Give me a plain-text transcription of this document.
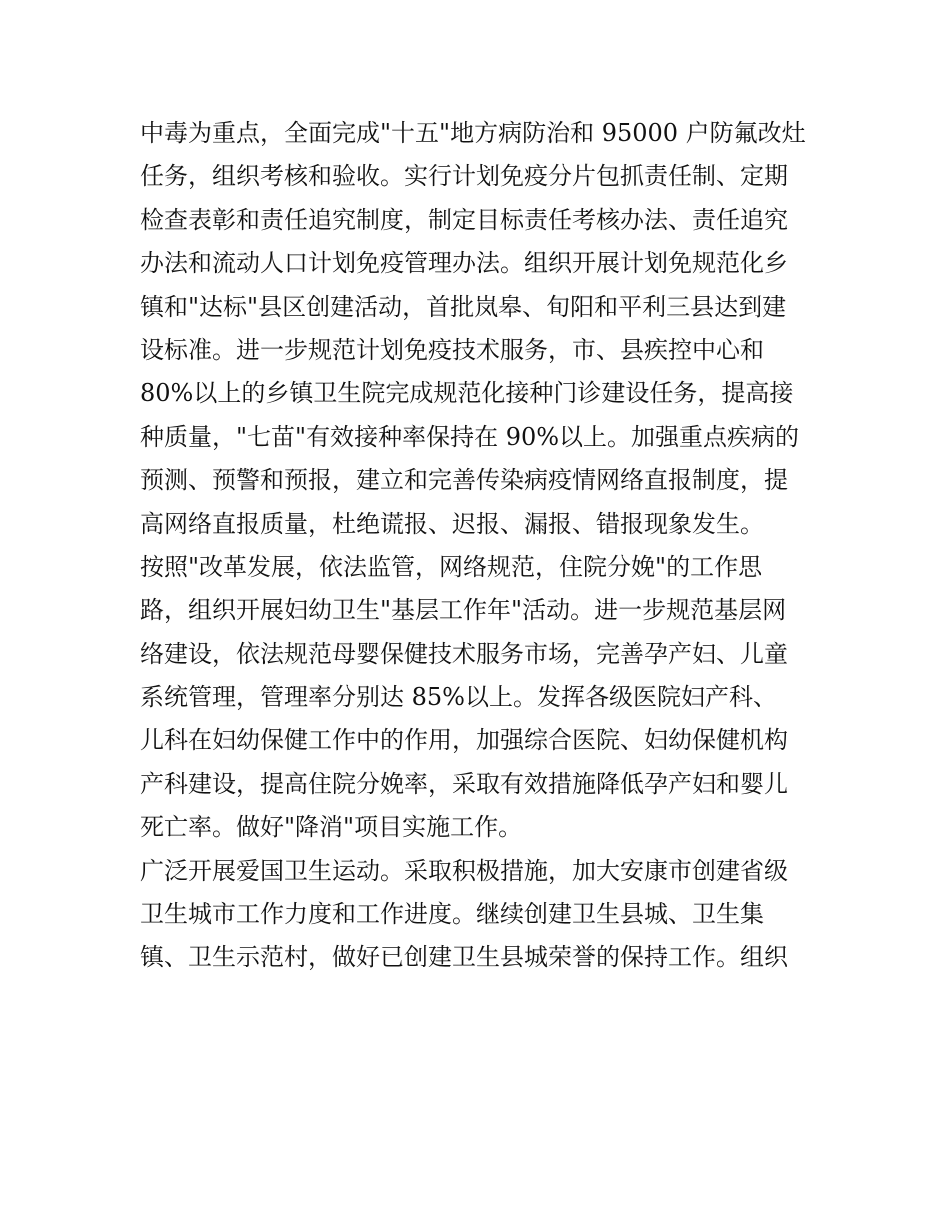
中毒为重点，全面完成"十五"地方病防治和 95000 户防氟改灶
任务，组织考核和验收。实行计划免疫分片包抓责任制、定期
检查表彰和责任追究制度，制定目标责任考核办法、责任追究
办法和流动人口计划免疫管理办法。组织开展计划免规范化乡
镇和"达标"县区创建活动，首批岚皋、旬阳和平利三县达到建
设标准。进一步规范计划免疫技术服务，市、县疾控中心和
80%以上的乡镇卫生院完成规范化接种门诊建设任务，提高接
种质量，"七苗"有效接种率保持在 90%以上。加强重点疾病的
预测、预警和预报，建立和完善传染病疫情网络直报制度，提
高网络直报质量，杜绝谎报、迟报、漏报、错报现象发生。
按照"改革发展，依法监管，网络规范，住院分娩"的工作思
路，组织开展妇幼卫生"基层工作年"活动。进一步规范基层网
络建设，依法规范母婴保健技术服务市场，完善孕产妇、儿童
系统管理，管理率分别达 85%以上。发挥各级医院妇产科、
儿科在妇幼保健工作中的作用，加强综合医院、妇幼保健机构
产科建设，提高住院分娩率，采取有效措施降低孕产妇和婴儿
死亡率。做好"降消"项目实施工作。
广泛开展爱国卫生运动。采取积极措施，加大安康市创建省级
卫生城市工作力度和工作进度。继续创建卫生县城、卫生集
镇、卫生示范村，做好已创建卫生县城荣誉的保持工作。组织
